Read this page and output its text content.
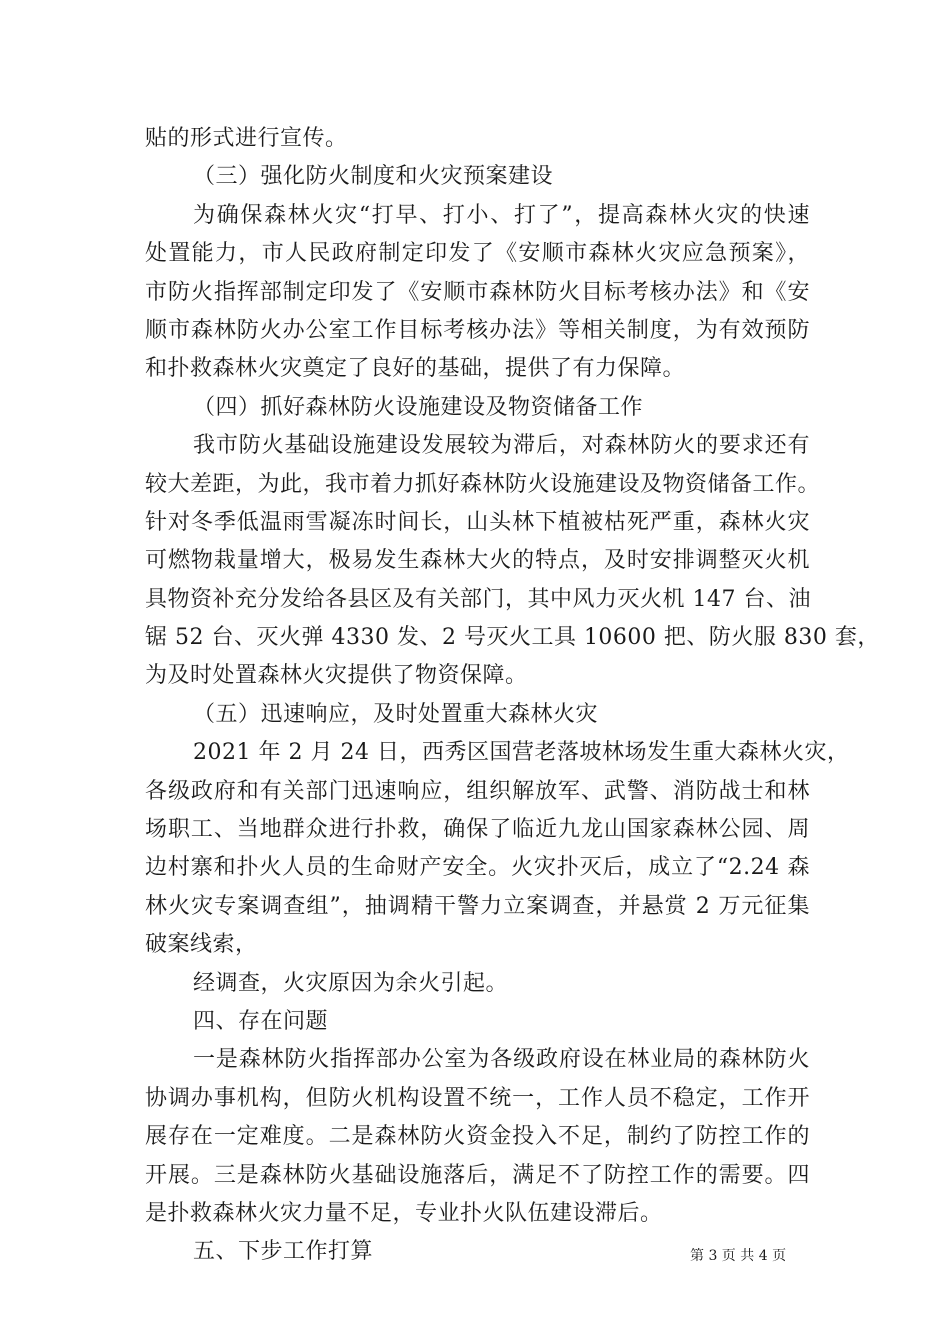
贴的形式进行宣传。
（三）强化防火制度和火灾预案建设
为确保森林火灾“打早、打小、打了”，提高森林火灾的快速
处置能力，市人民政府制定印发了《安顺市森林火灾应急预案》，
市防火指挥部制定印发了《安顺市森林防火目标考核办法》和《安
顺市森林防火办公室工作目标考核办法》等相关制度，为有效预防
和扑救森林火灾奠定了良好的基础，提供了有力保障。
（四）抓好森林防火设施建设及物资储备工作
我市防火基础设施建设发展较为滞后，对森林防火的要求还有
较大差距，为此，我市着力抓好森林防火设施建设及物资储备工作。
针对冬季低温雨雪凝冻时间长，山头林下植被枯死严重，森林火灾
可燃物栽量增大，极易发生森林大火的特点，及时安排调整灭火机
具物资补充分发给各县区及有关部门，其中风力灭火机 147 台、油
锯 52 台、灭火弹 4330 发、2 号灭火工具 10600 把、防火服 830 套，
为及时处置森林火灾提供了物资保障。
（五）迅速响应，及时处置重大森林火灾
2021 年 2 月 24 日，西秀区国营老落坡林场发生重大森林火灾，
各级政府和有关部门迅速响应，组织解放军、武警、消防战士和林
场职工、当地群众进行扑救，确保了临近九龙山国家森林公园、周
边村寨和扑火人员的生命财产安全。火灾扑灭后，成立了“2.24 森
林火灾专案调查组”，抽调精干警力立案调查，并悬赏 2 万元征集
破案线索，
经调查，火灾原因为余火引起。
四、存在问题
一是森林防火指挥部办公室为各级政府设在林业局的森林防火
协调办事机构，但防火机构设置不统一，工作人员不稳定，工作开
展存在一定难度。二是森林防火资金投入不足，制约了防控工作的
开展。三是森林防火基础设施落后，满足不了防控工作的需要。四
是扑救森林火灾力量不足，专业扑火队伍建设滞后。
五、下步工作打算	第 3 页 共 4 页
